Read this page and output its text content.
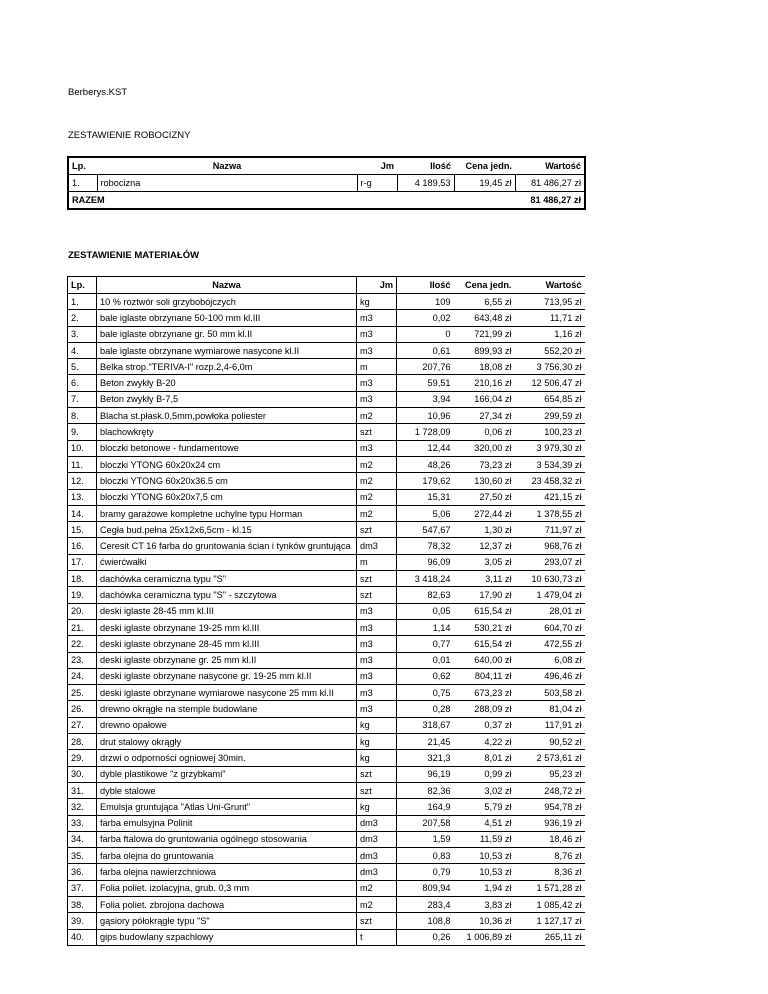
Berberys.KST
ZESTAWIENIE ROBOCIZNY
Lp.	Nazwa	Jm	Ilość	Cena jedn.	Wartość
1.	robocizna	r-g	4 189,53	19,45 zł	81 486,27 zł
RAZEM					81 486,27 zł
ZESTAWIENIE MATERIAŁÓW
Lp.	Nazwa	Jm	Ilość	Cena jedn.	Wartość
1.	10 % roztwór soli grzybobójczych	kg	109	6,55 zł	713,95 zł
2.	bale iglaste obrzynane 50-100 mm kl.III	m3	0,02	643,48 zł	11,71 zł
3.	bale iglaste obrzynane gr. 50 mm kl.II	m3	0	721,99 zł	1,16 zł
4.	bale iglaste obrzynane wymiarowe nasycone kl.II	m3	0,61	899,93 zł	552,20 zł
5.	Belka strop."TERIVA-I" rozp.2,4-6,0m	m	207,76	18,08 zł	3 756,30 zł
6.	Beton zwykły B-20	m3	59,51	210,16 zł	12 506,47 zł
7.	Beton zwykły B-7,5	m3	3,94	166,04 zł	654,85 zł
8.	Blacha st.płask.0,5mm,powłoka poliester	m2	10,96	27,34 zł	299,59 zł
9.	blachowkręty	szt	1 728,09	0,06 zł	100,23 zł
10.	bloczki betonowe - fundamentowe	m3	12,44	320,00 zł	3 979,30 zł
11.	bloczki YTONG 60x20x24 cm	m2	48,26	73,23 zł	3 534,39 zł
12.	bloczki YTONG 60x20x36.5 cm	m2	179,62	130,60 zł	23 458,32 zł
13.	bloczki YTONG 60x20x7,5 cm	m2	15,31	27,50 zł	421,15 zł
14.	bramy garażowe kompletne uchylne typu Horman	m2	5,06	272,44 zł	1 378,55 zł
15.	Cegła bud.pełna 25x12x6,5cm - kl.15	szt	547,67	1,30 zł	711,97 zł
16.	Ceresit CT 16 farba do gruntowania ścian i tynków gruntująca	dm3	78,32	12,37 zł	968,76 zł
17.	ćwierćwałki	m	96,09	3,05 zł	293,07 zł
18.	dachówka ceramiczna typu "S"	szt	3 418,24	3,11 zł	10 630,73 zł
19.	dachówka ceramiczna typu "S" - szczytowa	szt	82,63	17,90 zł	1 479,04 zł
20.	deski iglaste 28-45 mm kl.III	m3	0,05	615,54 zł	28,01 zł
21.	deski iglaste obrzynane 19-25 mm kl.III	m3	1,14	530,21 zł	604,70 zł
22.	deski iglaste obrzynane 28-45 mm kl.III	m3	0,77	615,54 zł	472,55 zł
23.	deski iglaste obrzynane gr. 25 mm kl.II	m3	0,01	640,00 zł	6,08 zł
24.	deski iglaste obrzynane nasycone gr. 19-25 mm kl.II	m3	0,62	804,11 zł	496,46 zł
25.	deski iglaste obrzynane wymiarowe nasycone 25 mm kl.II	m3	0,75	673,23 zł	503,58 zł
26.	drewno okrągłe na stemple budowlane	m3	0,28	288,09 zł	81,04 zł
27.	drewno opałowe	kg	318,67	0,37 zł	117,91 zł
28.	drut stalowy okrągły	kg	21,45	4,22 zł	90,52 zł
29.	drzwi o odporności ogniowej 30min.	kg	321,3	8,01 zł	2 573,61 zł
30.	dyble plastikowe "z grzybkami"	szt	96,19	0,99 zł	95,23 zł
31.	dyble stalowe	szt	82,36	3,02 zł	248,72 zł
32.	Emulsja gruntująca "Atlas Uni-Grunt"	kg	164,9	5,79 zł	954,78 zł
33.	farba emulsyjna Polinit	dm3	207,58	4,51 zł	936,19 zł
34.	farba ftalowa do gruntowania ogólnego stosowania	dm3	1,59	11,59 zł	18,46 zł
35.	farba olejna do gruntowania	dm3	0,83	10,53 zł	8,76 zł
36.	farba olejna nawierzchniowa	dm3	0,79	10,53 zł	8,36 zł
37.	Folia poliet. izolacyjna, grub. 0,3 mm	m2	809,94	1,94 zł	1 571,28 zł
38.	Folia poliet. zbrojona dachowa	m2	283,4	3,83 zł	1 085,42 zł
39.	gąsiory półokrągłe typu "S"	szt	108,8	10,36 zł	1 127,17 zł
40.	gips budowlany szpachlowy	t	0,26	1 006,89 zł	265,11 zł
